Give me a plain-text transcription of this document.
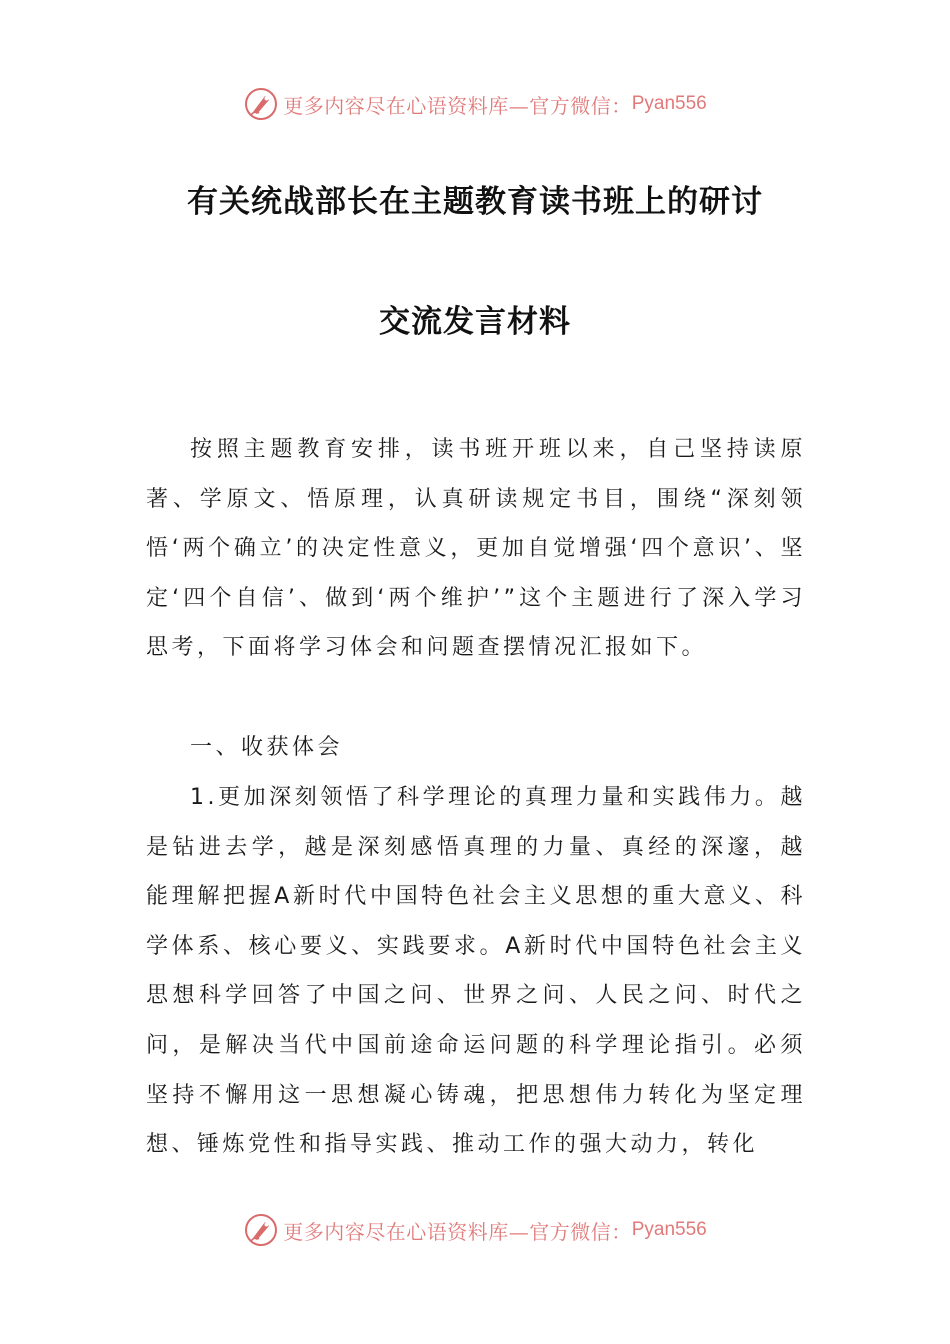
更多内容尽在心语资料库—官方微信： Pyan556
有关统战部长在主题教育读书班上的研讨
交流发言材料

按照主题教育安排，读书班开班以来，自己坚持读原著、学原文、悟原理，认真研读规定书目，围绕“深刻领悟‘两个确立’的决定性意义，更加自觉增强‘四个意识’、坚定‘四个自信’、做到‘两个维护’”这个主题进行了深入学习思考，下面将学习体会和问题查摆情况汇报如下。

一、收获体会

1.更加深刻领悟了科学理论的真理力量和实践伟力。越是钻进去学，越是深刻感悟真理的力量、真经的深邃，越能理解把握A新时代中国特色社会主义思想的重大意义、科学体系、核心要义、实践要求。A新时代中国特色社会主义思想科学回答了中国之问、世界之问、人民之问、时代之问，是解决当代中国前途命运问题的科学理论指引。必须坚持不懈用这一思想凝心铸魂，把思想伟力转化为坚定理想、锤炼党性和指导实践、推动工作的强大动力，转化

更多内容尽在心语资料库—官方微信： Pyan556
